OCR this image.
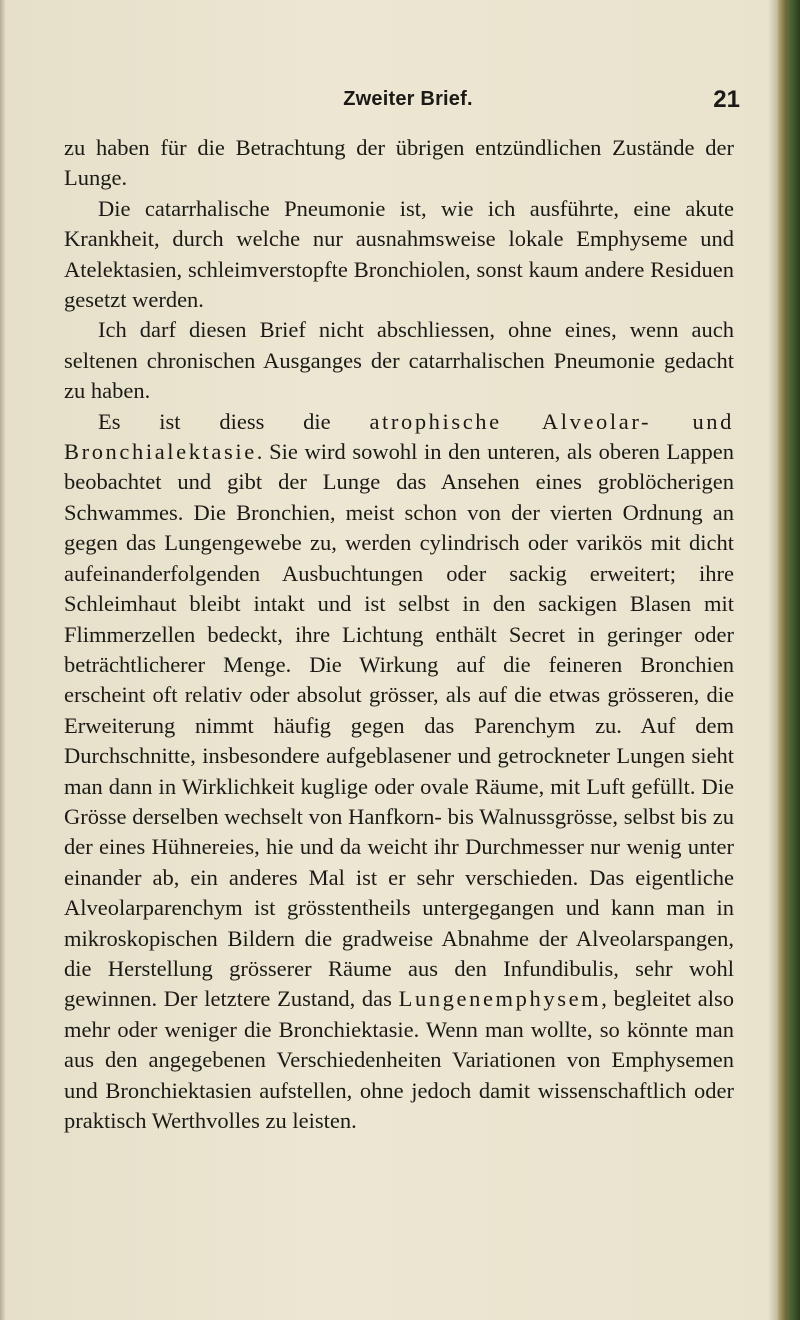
Zweiter Brief.	21

zu haben für die Betrachtung der übrigen entzündlichen Zustände der Lunge.

Die catarrhalische Pneumonie ist, wie ich ausführte, eine akute Krankheit, durch welche nur ausnahmsweise lokale Emphyseme und Atelektasien, schleimverstopfte Bronchiolen, sonst kaum andere Residuen gesetzt werden.

Ich darf diesen Brief nicht abschliessen, ohne eines, wenn auch seltenen chronischen Ausganges der catarrhalischen Pneumonie gedacht zu haben.

Es ist diess die atrophische Alveolar- und Bronchialektasie. Sie wird sowohl in den unteren, als oberen Lappen beobachtet und gibt der Lunge das Ansehen eines groblöcherigen Schwammes. Die Bronchien, meist schon von der vierten Ordnung an gegen das Lungengewebe zu, werden cylindrisch oder varikös mit dicht aufeinanderfolgenden Ausbuchtungen oder sackig erweitert; ihre Schleimhaut bleibt intakt und ist selbst in den sackigen Blasen mit Flimmerzellen bedeckt, ihre Lichtung enthält Secret in geringer oder beträchtlicherer Menge. Die Wirkung auf die feineren Bronchien erscheint oft relativ oder absolut grösser, als auf die etwas grösseren, die Erweiterung nimmt häufig gegen das Parenchym zu. Auf dem Durchschnitte, insbesondere aufgeblasener und getrockneter Lungen sieht man dann in Wirklichkeit kuglige oder ovale Räume, mit Luft gefüllt. Die Grösse derselben wechselt von Hanfkorn- bis Walnussgrösse, selbst bis zu der eines Hühnereies, hie und da weicht ihr Durchmesser nur wenig unter einander ab, ein anderes Mal ist er sehr verschieden. Das eigentliche Alveolarparenchym ist grösstentheils untergegangen und kann man in mikroskopischen Bildern die gradweise Abnahme der Alveolarspangen, die Herstellung grösserer Räume aus den Infundibulis, sehr wohl gewinnen. Der letztere Zustand, das Lungenemphysem, begleitet also mehr oder weniger die Bronchiektasie. Wenn man wollte, so könnte man aus den angegebenen Verschiedenheiten Variationen von Emphysemen und Bronchiektasien aufstellen, ohne jedoch damit wissenschaftlich oder praktisch Werthvolles zu leisten.
